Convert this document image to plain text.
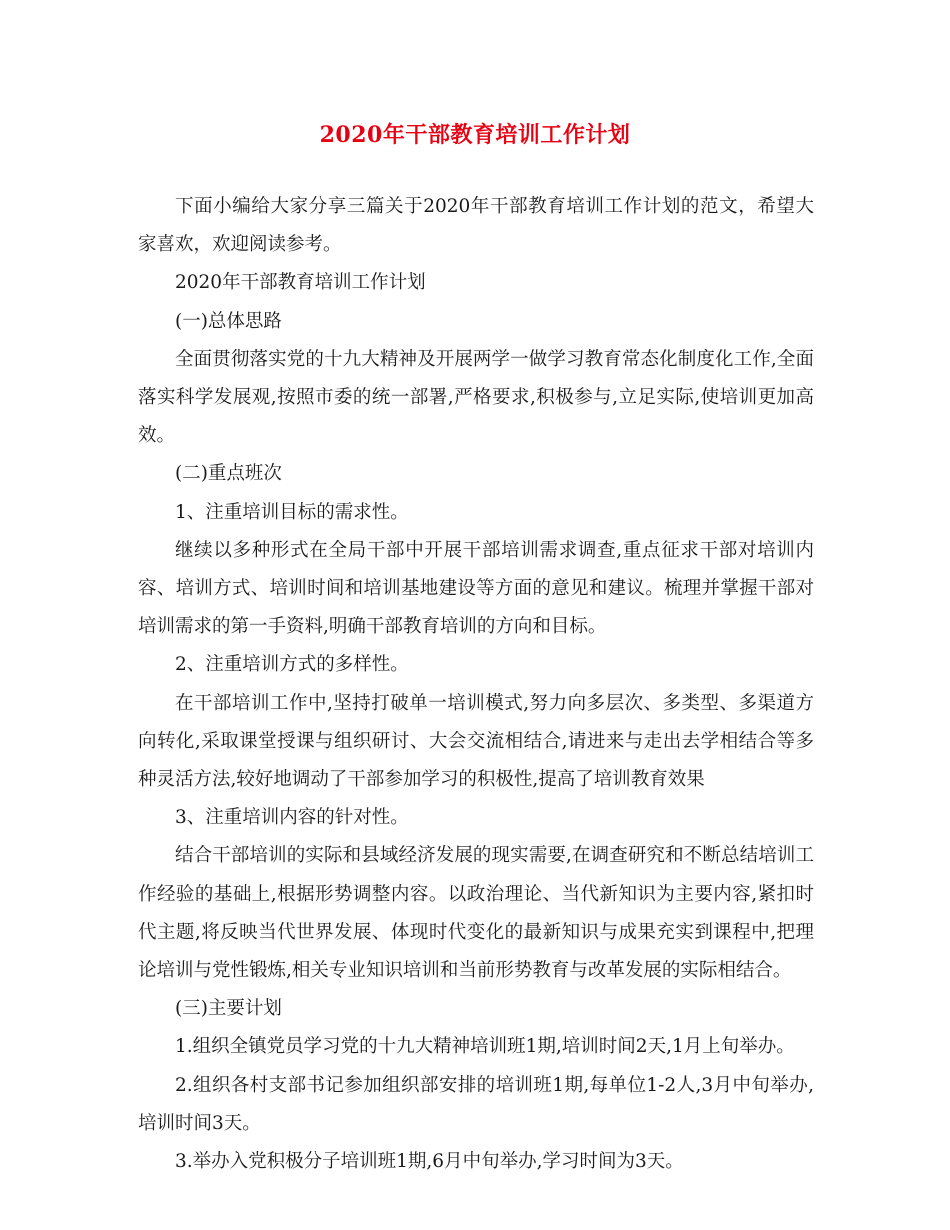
2020年干部教育培训工作计划

下面小编给大家分享三篇关于2020年干部教育培训工作计划的范文，希望大家喜欢，欢迎阅读参考。

2020年干部教育培训工作计划

(一)总体思路

全面贯彻落实党的十九大精神及开展两学一做学习教育常态化制度化工作,全面落实科学发展观,按照市委的统一部署,严格要求,积极参与,立足实际,使培训更加高效。

(二)重点班次

1、注重培训目标的需求性。

继续以多种形式在全局干部中开展干部培训需求调查,重点征求干部对培训内容、培训方式、培训时间和培训基地建设等方面的意见和建议。梳理并掌握干部对培训需求的第一手资料,明确干部教育培训的方向和目标。

2、注重培训方式的多样性。

在干部培训工作中,坚持打破单一培训模式,努力向多层次、多类型、多渠道方向转化,采取课堂授课与组织研讨、大会交流相结合,请进来与走出去学相结合等多种灵活方法,较好地调动了干部参加学习的积极性,提高了培训教育效果

3、注重培训内容的针对性。

结合干部培训的实际和县域经济发展的现实需要,在调查研究和不断总结培训工作经验的基础上,根据形势调整内容。以政治理论、当代新知识为主要内容,紧扣时代主题,将反映当代世界发展、体现时代变化的最新知识与成果充实到课程中,把理论培训与党性锻炼,相关专业知识培训和当前形势教育与改革发展的实际相结合。

(三)主要计划

1.组织全镇党员学习党的十九大精神培训班1期,培训时间2天,1月上旬举办。

2.组织各村支部书记参加组织部安排的培训班1期,每单位1-2人,3月中旬举办,培训时间3天。

3.举办入党积极分子培训班1期,6月中旬举办,学习时间为3天。
